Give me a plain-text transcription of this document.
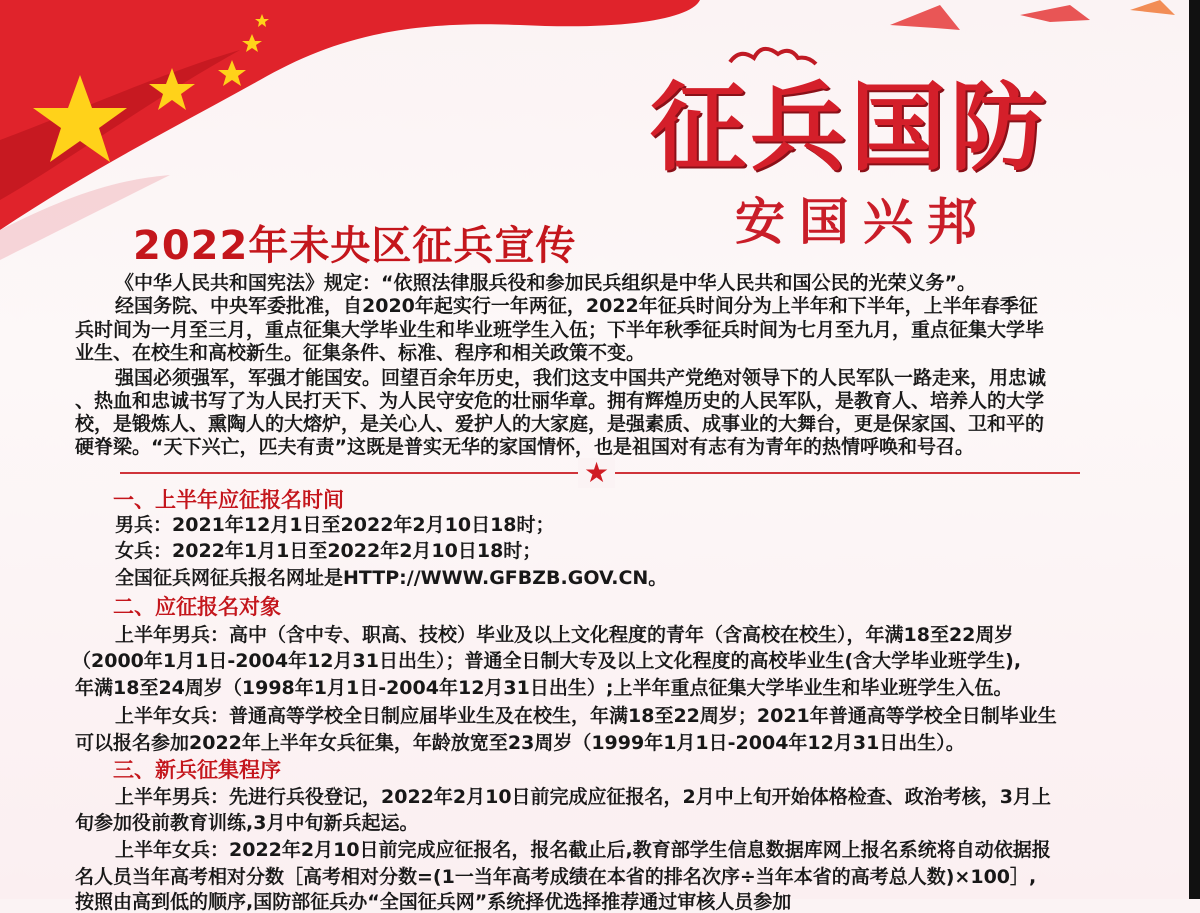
征兵国防
安国兴邦
2022年未央区征兵宣传
《中华人民共和国宪法》规定：“依照法律服兵役和参加民兵组织是中华人民共和国公民的光荣义务”。
经国务院、中央军委批准，自2020年起实行一年两征，2022年征兵时间分为上半年和下半年，上半年春季征
兵时间为一月至三月，重点征集大学毕业生和毕业班学生入伍；下半年秋季征兵时间为七月至九月，重点征集大学毕
业生、在校生和高校新生。征集条件、标准、程序和相关政策不变。
强国必须强军，军强才能国安。回望百余年历史，我们这支中国共产党绝对领导下的人民军队一路走来，用忠诚
、热血和忠诚书写了为人民打天下、为人民守安危的壮丽华章。拥有辉煌历史的人民军队，是教育人、培养人的大学
校，是锻炼人、熏陶人的大熔炉，是关心人、爱护人的大家庭，是强素质、成事业的大舞台，更是保家国、卫和平的
硬脊梁。“天下兴亡，匹夫有责”这既是普实无华的家国情怀，也是祖国对有志有为青年的热情呼唤和号召。
★
一、上半年应征报名时间
男兵：2021年12月1日至2022年2月10日18时；
女兵：2022年1月1日至2022年2月10日18时；
全国征兵网征兵报名网址是HTTP://WWW.GFBZB.GOV.CN。
二、应征报名对象
上半年男兵：高中（含中专、职高、技校）毕业及以上文化程度的青年（含高校在校生），年满18至22周岁
（2000年1月1日-2004年12月31日出生）；普通全日制大专及以上文化程度的高校毕业生(含大学毕业班学生),
年满18至24周岁（1998年1月1日-2004年12月31日出生）;上半年重点征集大学毕业生和毕业班学生入伍。
上半年女兵：普通高等学校全日制应届毕业生及在校生，年满18至22周岁；2021年普通高等学校全日制毕业生
可以报名参加2022年上半年女兵征集，年龄放宽至23周岁（1999年1月1日-2004年12月31日出生）。
三、新兵征集程序
上半年男兵：先进行兵役登记，2022年2月10日前完成应征报名，2月中上旬开始体格检查、政治考核，3月上
旬参加役前教育训练,3月中旬新兵起运。
上半年女兵：2022年2月10日前完成应征报名，报名截止后,教育部学生信息数据库网上报名系统将自动依据报
名人员当年高考相对分数［高考相对分数=(1一当年高考成绩在本省的排名次序÷当年本省的高考总人数)×100］,
按照由高到低的顺序,国防部征兵办“全国征兵网”系统择优选择推荐通过审核人员参加
